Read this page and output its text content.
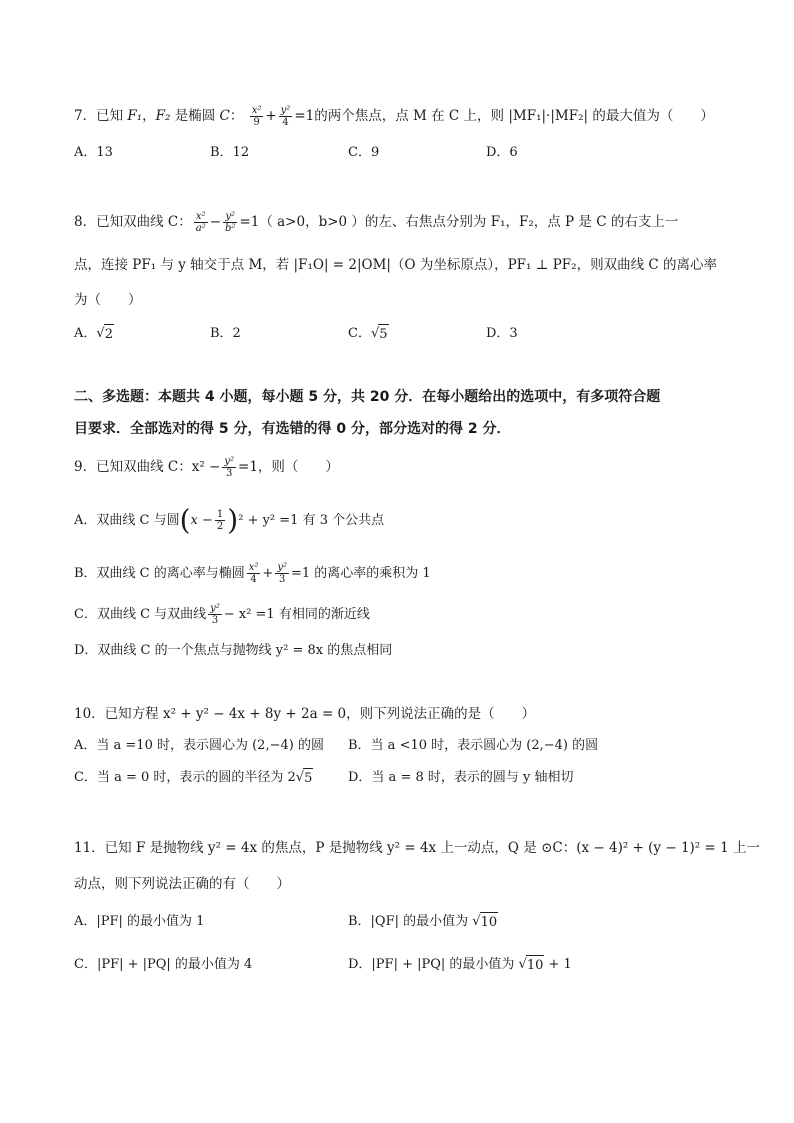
7．已知 F₁，F₂ 是椭圆 C： $\frac{\text{x²}}{9} + \frac{\text{y²}}{4} =1$的两个焦点，点 M 在 C 上，则 |MF₁|·|MF₂| 的最大值为（　　）
A．13	B．12	C．9	D．6
8．已知双曲线 C： $\frac{\text{x²}}{\text{a²}} - \frac{\text{y²}}{\text{b²}} =1$（ a>0，b>0 ）的左、右焦点分别为 F₁，F₂，点 P 是 C 的右支上一
点，连接 PF₁ 与 y 轴交于点 M，若 |F₁O| = 2|OM|（O 为坐标原点），PF₁ ⊥ PF₂，则双曲线 C 的离心率
为（　　）
A． √ 2	B．2	C． √ 5	D．3
二、多选题：本题共 4 小题，每小题 5 分，共 20 分．在每小题给出的选项中，有多项符合题
目要求．全部选对的得 5 分，有选错的得 0 分，部分选对的得 2 分．
9．已知双曲线 C：$x^2 - \frac{\text{y²}}{3} =1$，则（　　）
A．双曲线 C 与圆$(x - \frac{1}{2} )^2 + y^2 =1$ 有 3 个公共点
B．双曲线 C 的离心率与椭圆 $\frac{\text{x²}}{4} + \frac{\text{y²}}{3} =1$ 的离心率的乘积为 1
C．双曲线 C 与双曲线 $\frac{\text{y²}}{3} - x^2 =1$ 有相同的渐近线
D．双曲线 C 的一个焦点与抛物线 y² = 8x 的焦点相同
10．已知方程 x² + y² − 4x + 8y + 2a = 0，则下列说法正确的是（　　）
A．当 a =10 时，表示圆心为 (2,−4) 的圆 B．当 a <10 时，表示圆心为 (2,−4) 的圆
C．当 a = 0 时，表示的圆的半径为 2 √ 5	D．当 a = 8 时，表示的圆与 y 轴相切
11．已知 F 是抛物线 y² = 4x 的焦点，P 是抛物线 y² = 4x 上一动点，Q 是 ⊙C：(x − 4)² + (y − 1)² = 1 上一
动点，则下列说法正确的有（　　）
A．|PF| 的最小值为 1	B．|QF| 的最小值为 √ 10
C．|PF| + |PQ| 的最小值为 4	D．|PF| + |PQ| 的最小值为 √ 10 + 1
